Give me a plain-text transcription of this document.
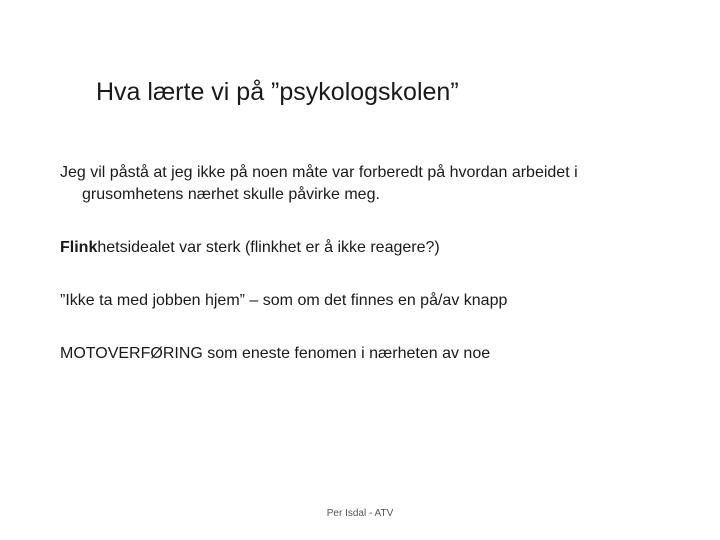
Hva lærte vi på ”psykologskolen”

Jeg vil påstå at jeg ikke på noen måte var forberedt på hvordan arbeidet i grusomhetens nærhet skulle påvirke meg.

Flinkhetsidealet var sterk (flinkhet er å ikke reagere?)

”Ikke ta med jobben hjem” – som om det finnes en på/av knapp

MOTOVERFØRING som eneste fenomen i nærheten av noe

Per Isdal - ATV
